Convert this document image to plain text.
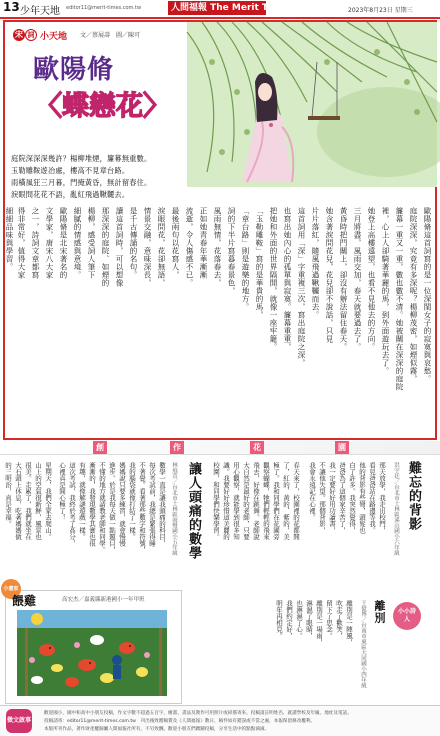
13 少年天地 editor11@merit-times.com.tw	人間福報 The Merit Times	2023年8月23日 星期三
宋 詞 小天地 文／蔡展壽　圖／陳可
歐陽脩
〈蝶戀花〉
庭院深深深幾許？楊柳堆煙，簾幕無重數。
玉勒雕鞍遊冶處，樓高不見章台路。
雨橫風狂三月暮，門掩黃昏，無計留春住。
淚眼問花花不語，亂紅飛過鞦韆去。
歐陽脩這首詞寫的是一位深閨女子的寂寞與哀愁。
庭院深深，究竟有多深呢？楊柳茂密，如煙似霧，
簾幕一重又一重，數也數不清。她被關在深深的庭院
裡，心上人卻騎著華麗的馬，到外面遊玩去了。
她登上高樓遠望，也看不見他去的方向。
三月將盡，風雨交加，春天就要過去了。
黃昏時把門關上，卻沒有辦法留住春天。
她含著淚問花兒，花兒卻不說話，只見
片片落紅，隨風飛過鞦韆而去。
這首詞用「深」字重複三次，寫出庭院之深，
也寫出她內心的孤單與寂寞。簾幕重重，
把她和外面的世界隔開，就像一座牢籠。
「玉勒雕鞍」寫的是華貴的馬，
「章台路」則是遊樂的地方。
詞的下半片寫暮春景色，
風雨無情，花落春去，
正如她青春年華漸漸
流逝，令人傷感不已。
最後兩句以花寫人，
淚眼問花，花卻無語，
情景交融，意味深長，
是千古傳誦的名句。
讀這首詞時，可以想像
那深深的庭院、如煙的
楊柳，感受詞人筆下
細膩的情感與意境。
歐陽脩是北宋著名的
文學家，唐宋八大家
之一，詩詞文章都寫
得非常好，值得大家
細細品味與學習。
創	作	花	園
難忘的背影
洪宇廷／台北市士林區溪山國小六年級
那天放學，我走出校門，
看見爸爸站在路邊等我。
他的背影有些彎，頭髮也
白了許多。我突然覺得，
爸爸為了這個家辛苦了，
我一定要好好用功讀書，
不讓他失望。那個背影，
我會永遠記在心裡。
春天來了，校園裡的花都開
了，紅的、黃的、紫的，美
極了。我和同學們在花圃旁
觀察蝴蝶，牠們輕輕的飛來
飛去，好像在跳舞。老師說
大自然是最好的老師，只要
用心觀察，就能學到很多知
識。我要好好珍惜這美麗的
校園，和同學們快樂學習。
讓人頭痛的數學
林庭萱／台北市士林區雨聲國小五年級
數學一直是讓我頭痛的科目，
每次考試前，我總是緊張得睡
不著覺。看著那些數字和符號，
我的腦袋就像打結了一樣。
媽媽說只要多練習，就會慢慢
進步。於是我每天做一點題目，
不懂的地方就請教老師和同學。
漸漸的，我發現數學其實也很
有趣，就像解謎遊戲一樣。
這次考試，我終於考了高分，
心裡真是開心極了！
星期天，我們全家去爬山。
山上的空氣很新鮮，風景也
很美。走累了，我們就坐在
大石頭上休息，吃著媽媽做
的三明治，真是幸福。
小小詩人
離別
王億博／台南市東區大同國小四年級
離別是一陣風，
吹走了歡笑，
留下了思念。
離別是一場雨，
淋濕了眼睛，
也淋濕了心。
我們約定好，
明年再相見。
小畫家
餵雞	高宏杰／嘉義縣新港國小一年甲班
徵文啟事
歡迎國小、國中和高中小朋友投稿，作文字數不超過五百字，繪畫、書法及教作可用照片或掃描寄來。投稿請註明姓名、就讀學校及年級、地址及電話。
投稿請寄：editor11@merit-times.com.tw　刊出後致贈稿費及《人間福報》數日，稿件如有錯誤或不當之處，本報保留修改權利。
本版所刊作品，著作財產權歸屬人間福報社所有，不另致酬。歡迎小朋友們踴躍投稿，分享生活中的點點滴滴。
